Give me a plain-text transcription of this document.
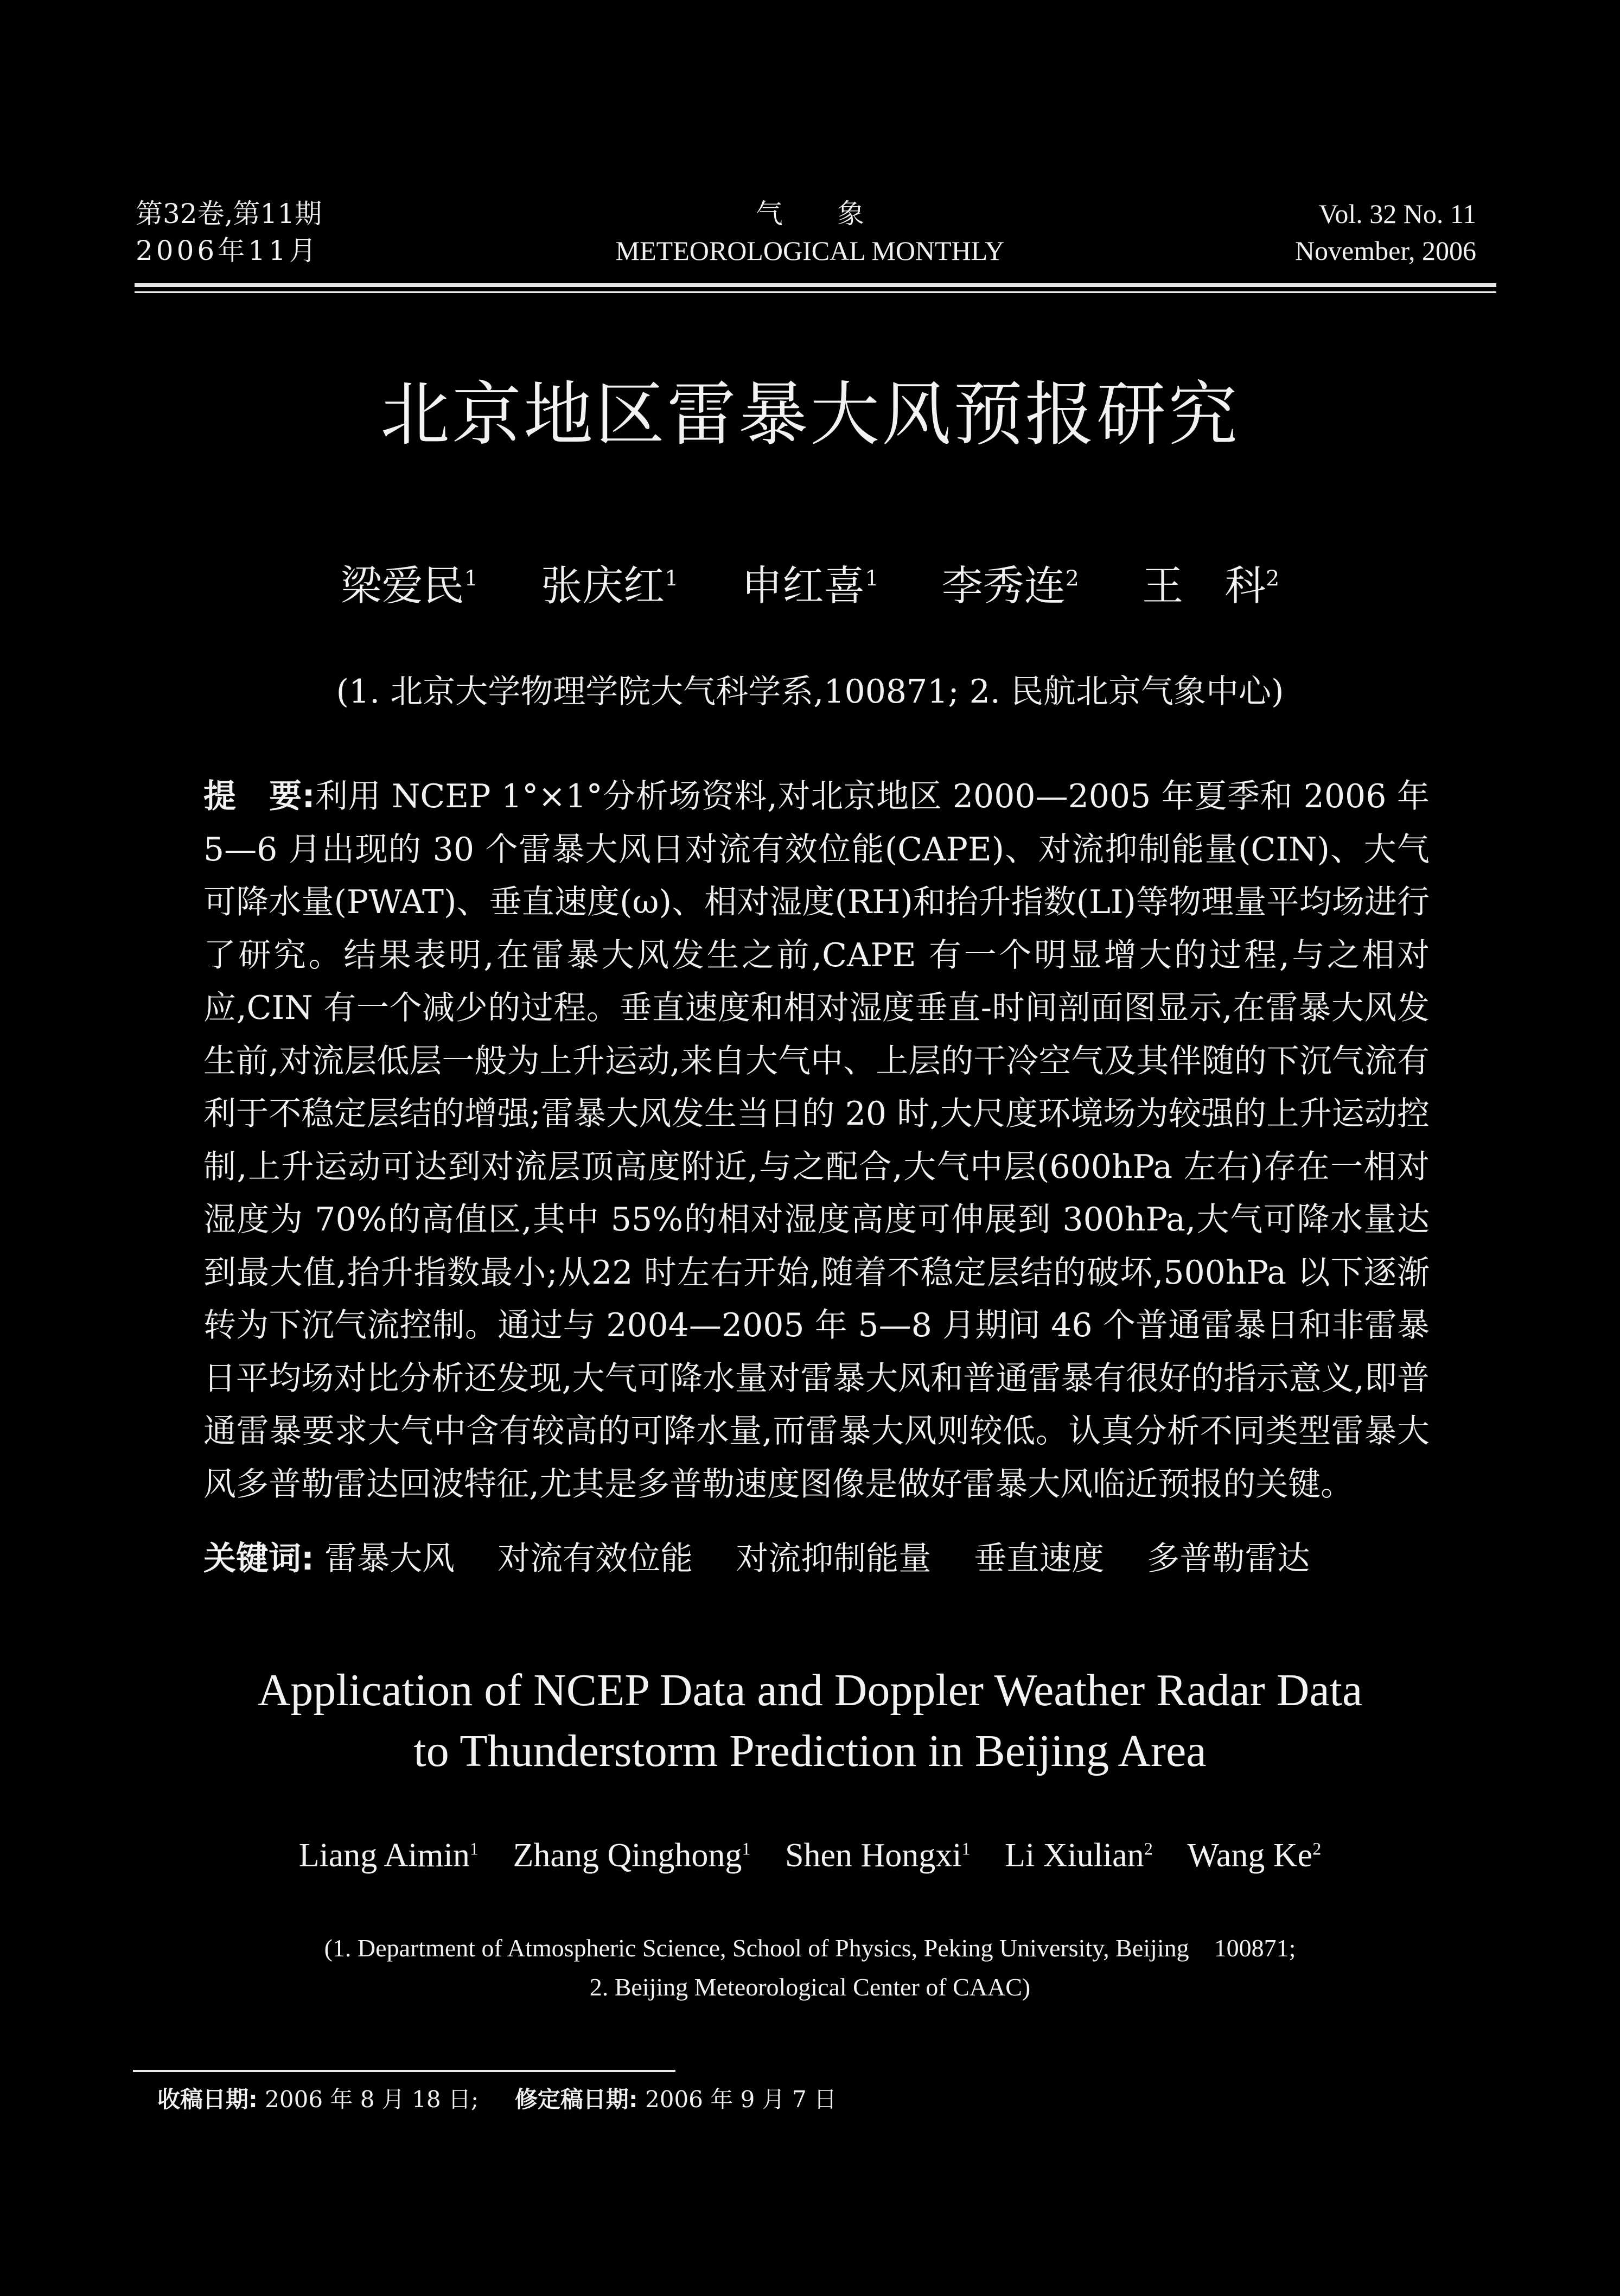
第32卷,第11期
2006年11月
气　　象
METEOROLOGICAL MONTHLY
Vol. 32 No. 11
November, 2006
北京地区雷暴大风预报研究
梁爱民$^1$ 张庆红$^1$ 申红喜$^1$ 李秀连$^2$ 王　科$^2$
(1. 北京大学物理学院大气科学系,100871; 2. 民航北京气象中心)
提　要:利用 NCEP 1°×1°分析场资料,对北京地区 2000—2005 年夏季和 2006 年5—6 月出现的 30 个雷暴大风日对流有效位能(CAPE)、对流抑制能量(CIN)、大气可降水量(PWAT)、垂直速度(ω)、相对湿度(RH)和抬升指数(LI)等物理量平均场进行了研究。结果表明,在雷暴大风发生之前,CAPE 有一个明显增大的过程,与之相对应,CIN 有一个减少的过程。垂直速度和相对湿度垂直-时间剖面图显示,在雷暴大风发生前,对流层低层一般为上升运动,来自大气中、上层的干冷空气及其伴随的下沉气流有利于不稳定层结的增强;雷暴大风发生当日的 20 时,大尺度环境场为较强的上升运动控制,上升运动可达到对流层顶高度附近,与之配合,大气中层(600hPa 左右)存在一相对湿度为 70%的高值区,其中 55%的相对湿度高度可伸展到 300hPa,大气可降水量达到最大值,抬升指数最小;从22 时左右开始,随着不稳定层结的破坏,500hPa 以下逐渐转为下沉气流控制。通过与 2004—2005 年 5—8 月期间 46 个普通雷暴日和非雷暴日平均场对比分析还发现,大气可降水量对雷暴大风和普通雷暴有很好的指示意义,即普通雷暴要求大气中含有较高的可降水量,而雷暴大风则较低。认真分析不同类型雷暴大风多普勒雷达回波特征,尤其是多普勒速度图像是做好雷暴大风临近预报的关键。
关键词: 雷暴大风 对流有效位能 对流抑制能量 垂直速度 多普勒雷达
Application of NCEP Data and Doppler Weather Radar Data
to Thunderstorm Prediction in Beijing Area
Liang Aimin$^1$ Zhang Qinghong$^1$ Shen Hongxi$^1$ Li Xiulian$^2$ Wang Ke$^2$
(1. Department of Atmospheric Science, School of Physics, Peking University, Beijing　100871;
2. Beijing Meteorological Center of CAAC)
收稿日期: 2006 年 8 月 18 日; 修定稿日期: 2006 年 9 月 7 日
